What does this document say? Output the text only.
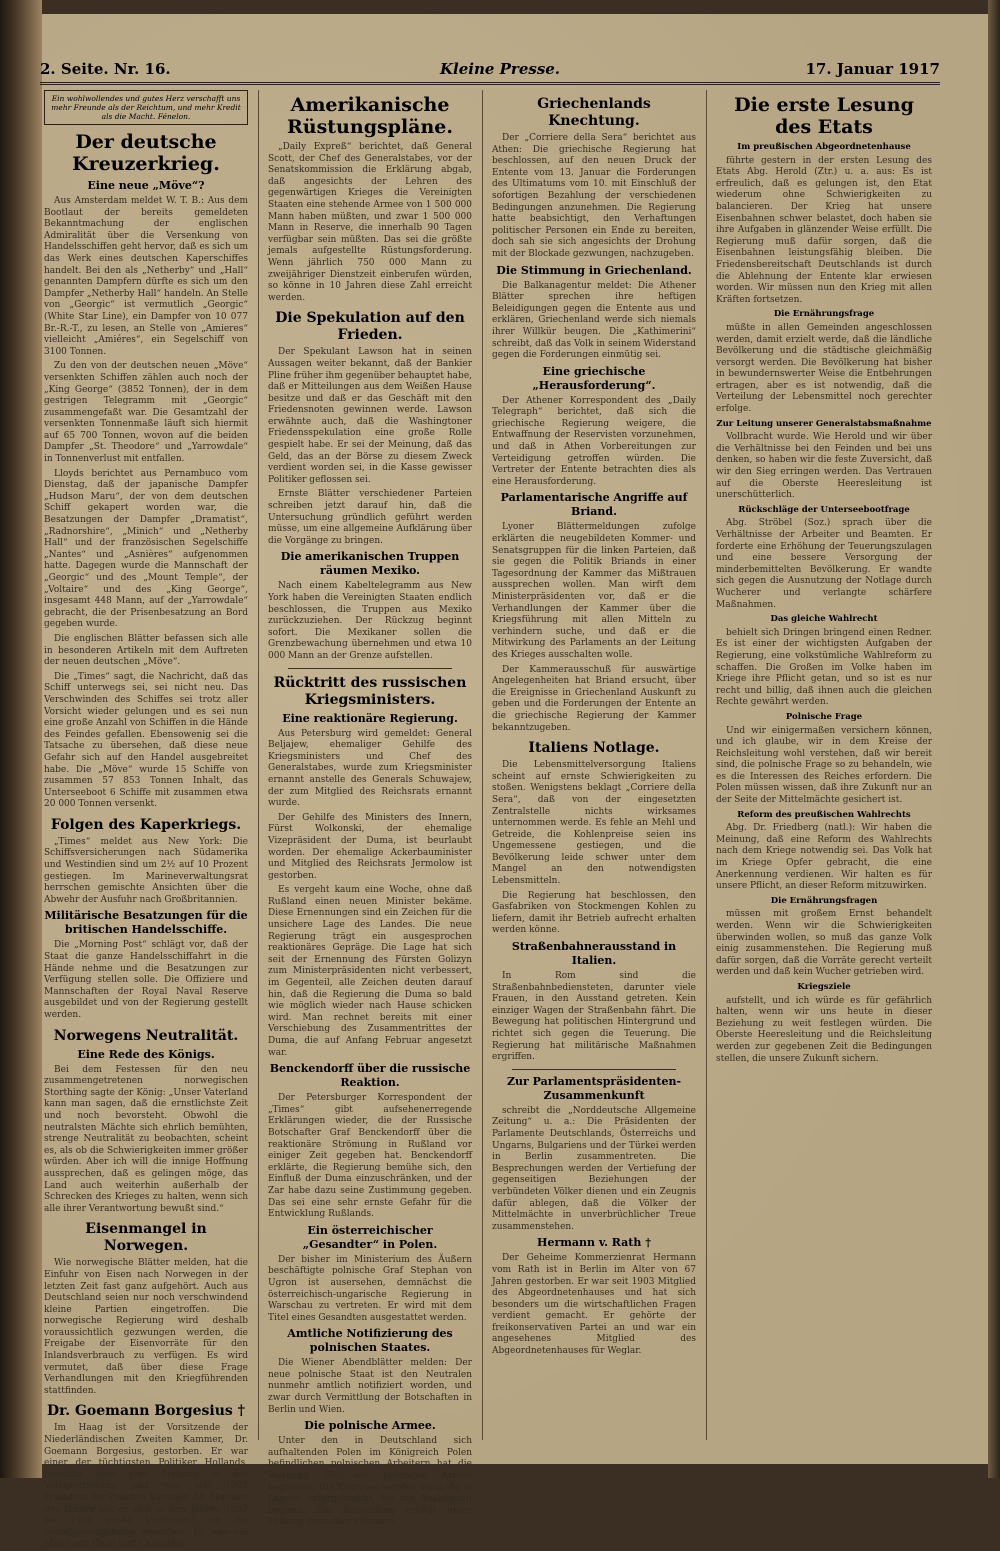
2. Seite. Nr. 16.	Kleine Presse.	17. Januar 1917
Ein wohlwollendes und gutes Herz verschafft uns mehr Freunde als der Reichtum, und mehr Kredit als die Macht. Fénelon.
Der deutsche Kreuzerkrieg.
Eine neue „Möve“?

Aus Amsterdam meldet W. T. B.: Aus dem Bootlaut der bereits gemeldeten Bekanntmachung der englischen Admiralität über die Versenkung von Handelsschiffen geht hervor, daß es sich um das Werk eines deutschen Kaperschiffes handelt. Bei den als „Netherby“ und „Hall“ genannten Dampfern dürfte es sich um den Dampfer „Netherby Hall“ handeln. An Stelle von „Georgic“ ist vermutlich „Georgic“ (White Star Line), ein Dampfer von 10 077 Br.-R.-T., zu lesen, an Stelle von „Amieres“ vielleicht „Amiéres“, ein Segelschiff von 3100 Tonnen.

Zu den von der deutschen neuen „Möve“ versenkten Schiffen zählen auch noch der „King George“ (3852 Tonnen), der in dem gestrigen Telegramm mit „Georgic“ zusammengefaßt war. Die Gesamtzahl der versenkten Tonnenmaße läuft sich hiermit auf 65 700 Tonnen, wovon auf die beiden Dampfer „St. Theodore“ und „Yarrowdale“ in Tonnenverlust mit entfallen.

Lloyds berichtet aus Pernambuco vom Dienstag, daß der japanische Dampfer „Hudson Maru“, der von dem deutschen Schiff gekapert worden war, die Besatzungen der Dampfer „Dramatist“, „Radnorshire“, „Minich“ und „Netherby Hall“ und der französischen Segelschiffe „Nantes“ und „Asnières“ aufgenommen hatte. Dagegen wurde die Mannschaft der „Georgic“ und des „Mount Temple“, der „Voltaire“ und des „King George“, insgesamt 448 Mann, auf der „Yarrowdale“ gebracht, die der Prisenbesatzung an Bord gegeben wurde.

Die englischen Blätter befassen sich alle in besonderen Artikeln mit dem Auftreten der neuen deutschen „Möve“.

Die „Times“ sagt, die Nachricht, daß das Schiff unterwegs sei, sei nicht neu. Das Verschwinden des Schiffes sei trotz aller Vorsicht wieder gelungen und es sei nun eine große Anzahl von Schiffen in die Hände des Feindes gefallen. Ebensowenig sei die Tatsache zu übersehen, daß diese neue Gefahr sich auf den Handel ausgebreitet habe. Die „Möve“ wurde 15 Schiffe von zusammen 57 853 Tonnen Inhalt, das Unterseeboot 6 Schiffe mit zusammen etwa 20 000 Tonnen versenkt.

Folgen des Kaperkriegs.

„Times“ meldet aus New York: Die Schiffsversicherungen nach Südamerika und Westindien sind um 2½ auf 10 Prozent gestiegen. Im Marineverwaltungsrat herrschen gemischte Ansichten über die Abwehr der Ausfuhr nach Großbritannien.

Militärische Besatzungen für die britischen Handelsschiffe.

Die „Morning Post“ schlägt vor, daß der Staat die ganze Handelsschiffahrt in die Hände nehme und die Besatzungen zur Verfügung stellen solle. Die Offiziere und Mannschaften der Royal Naval Reserve ausgebildet und von der Regierung gestellt werden.

Norwegens Neutralität.
Eine Rede des Königs.

Bei dem Festessen für den neu zusammengetretenen norwegischen Storthing sagte der König: „Unser Vaterland kann man sagen, daß die ernstlichste Zeit und noch bevorsteht. Obwohl die neutralsten Mächte sich ehrlich bemühten, strenge Neutralität zu beobachten, scheint es, als ob die Schwierigkeiten immer größer würden. Aber ich will die innige Hoffnung aussprechen, daß es gelingen möge, das Land auch weiterhin außerhalb der Schrecken des Krieges zu halten, wenn sich alle ihrer Verantwortung bewußt sind.“

Eisenmangel in Norwegen.

Wie norwegische Blätter melden, hat die Einfuhr von Eisen nach Norwegen in der letzten Zeit fast ganz aufgehört. Auch aus Deutschland seien nur noch verschwindend kleine Partien eingetroffen. Die norwegische Regierung wird deshalb voraussichtlich gezwungen werden, die Freigabe der Eisenvorräte für den Inlandsverbrauch zu verfügen. Es wird vermutet, daß über diese Frage Verhandlungen mit den Kriegführenden stattfinden.

Dr. Goemann Borgesius †

Im Haag ist der Vorsitzende der Niederländischen Zweiten Kammer, Dr. Goemann Borgesius, gestorben. Er war einer der tüchtigsten Politiker Hollands, besetzte stets eine Stellung in der Volksvertretung und war seit 1901 Präsident der Zweiten Kammer. Als Minister des Innern hat er sich in den Jahren 1897 bis 1901 große Verdienste um die Sozialgesetzgebung erworben. Er war ein Mann von Geist und Charakter.

Amerikanische Rüstungspläne.

„Daily Expreß“ berichtet, daß General Scott, der Chef des Generalstabes, vor der Senatskommission die Erklärung abgab, daß angesichts der Lehren des gegenwärtigen Krieges die Vereinigten Staaten eine stehende Armee von 1 500 000 Mann haben müßten, und zwar 1 500 000 Mann in Reserve, die innerhalb 90 Tagen verfügbar sein müßten. Das sei die größte jemals aufgestellte Rüstungsforderung. Wenn jährlich 750 000 Mann zu zweijähriger Dienstzeit einberufen würden, so könne in 10 Jahren diese Zahl erreicht werden.

Die Spekulation auf den Frieden.

Der Spekulant Lawson hat in seinen Aussagen weiter bekannt, daß der Bankier Pline früher ihm gegenüber behauptet habe, daß er Mitteilungen aus dem Weißen Hause besitze und daß er das Geschäft mit den Friedensnoten gewinnen werde. Lawson erwähnte auch, daß die Washingtoner Friedensspekulation eine große Rolle gespielt habe. Er sei der Meinung, daß das Geld, das an der Börse zu diesem Zweck verdient worden sei, in die Kasse gewisser Politiker geflossen sei.

Ernste Blätter verschiedener Parteien schreiben jetzt darauf hin, daß die Untersuchung gründlich geführt werden müsse, um eine allgemeine Aufklärung über die Vorgänge zu bringen.

Die amerikanischen Truppen räumen Mexiko.

Nach einem Kabeltelegramm aus New York haben die Vereinigten Staaten endlich beschlossen, die Truppen aus Mexiko zurückzuziehen. Der Rückzug beginnt sofort. Die Mexikaner sollen die Grenzbewachung übernehmen und etwa 10 000 Mann an der Grenze aufstellen.

Rücktritt des russischen Kriegsministers.
Eine reaktionäre Regierung.

Aus Petersburg wird gemeldet: General Beljajew, ehemaliger Gehilfe des Kriegsministers und Chef des Generalstabes, wurde zum Kriegsminister ernannt anstelle des Generals Schuwajew, der zum Mitglied des Reichsrats ernannt wurde.

Der Gehilfe des Ministers des Innern, Fürst Wolkonski, der ehemalige Vizepräsident der Duma, ist beurlaubt worden. Der ehemalige Ackerbauminister und Mitglied des Reichsrats Jermolow ist gestorben.

Es vergeht kaum eine Woche, ohne daß Rußland einen neuen Minister bekäme. Diese Ernennungen sind ein Zeichen für die unsichere Lage des Landes. Die neue Regierung trägt ein ausgesprochen reaktionäres Gepräge. Die Lage hat sich seit der Ernennung des Fürsten Golizyn zum Ministerpräsidenten nicht verbessert, im Gegenteil, alle Zeichen deuten darauf hin, daß die Regierung die Duma so bald wie möglich wieder nach Hause schicken wird. Man rechnet bereits mit einer Verschiebung des Zusammentrittes der Duma, die auf Anfang Februar angesetzt war.

Benckendorff über die russische Reaktion.

Der Petersburger Korrespondent der „Times“ gibt aufsehenerregende Erklärungen wieder, die der Russische Botschafter Graf Benckendorff über die reaktionäre Strömung in Rußland vor einiger Zeit gegeben hat. Benckendorff erklärte, die Regierung bemühe sich, den Einfluß der Duma einzuschränken, und der Zar habe dazu seine Zustimmung gegeben. Das sei eine sehr ernste Gefahr für die Entwicklung Rußlands.

Ein österreichischer „Gesandter“ in Polen.

Der bisher im Ministerium des Äußern beschäftigte polnische Graf Stephan von Ugron ist ausersehen, demnächst die österreichisch-ungarische Regierung in Warschau zu vertreten. Er wird mit dem Titel eines Gesandten ausgestattet werden.

Amtliche Notifizierung des polnischen Staates.

Die Wiener Abendblätter melden: Der neue polnische Staat ist den Neutralen nunmehr amtlich notifiziert worden, und zwar durch Vermittlung der Botschaften in Berlin und Wien.

Die polnische Armee.

Unter den in Deutschland sich aufhaltenden Polen im Königreich Polen befindlichen polnischen Arbeitern hat die Werbung für die polnische Armee begonnen. Die Rekruten werden vorläufig in Lagern untergebracht, bis die Ausbildung beginnt. Die Aufstellung erfolgt unter Leitung deutscher Offiziere.

Griechenlands Knechtung.

Der „Corriere della Sera“ berichtet aus Athen: Die griechische Regierung hat beschlossen, auf den neuen Druck der Entente vom 13. Januar die Forderungen des Ultimatums vom 10. mit Einschluß der sofortigen Bezahlung der verschiedenen Bedingungen anzunehmen. Die Regierung hatte beabsichtigt, den Verhaftungen politischer Personen ein Ende zu bereiten, doch sah sie sich angesichts der Drohung mit der Blockade gezwungen, nachzugeben.

Die Stimmung in Griechenland.

Die Balkanagentur meldet: Die Athener Blätter sprechen ihre heftigen Beleidigungen gegen die Entente aus und erklären, Griechenland werde sich niemals ihrer Willkür beugen. Die „Kathimerini“ schreibt, daß das Volk in seinem Widerstand gegen die Forderungen einmütig sei.

Eine griechische „Herausforderung“.

Der Athener Korrespondent des „Daily Telegraph“ berichtet, daß sich die griechische Regierung weigere, die Entwaffnung der Reservisten vorzunehmen, und daß in Athen Vorbereitungen zur Verteidigung getroffen würden. Die Vertreter der Entente betrachten dies als eine Herausforderung.

Parlamentarische Angriffe auf Briand.

Lyoner Blättermeldungen zufolge erklärten die neugebildeten Kommer- und Senatsgruppen für die linken Parteien, daß sie gegen die Politik Briands in einer Tagesordnung der Kammer das Mißtrauen aussprechen wollen. Man wirft dem Ministerpräsidenten vor, daß er die Verhandlungen der Kammer über die Kriegsführung mit allen Mitteln zu verhindern suche, und daß er die Mitwirkung des Parlaments an der Leitung des Krieges ausschalten wolle.

Der Kammerausschuß für auswärtige Angelegenheiten hat Briand ersucht, über die Ereignisse in Griechenland Auskunft zu geben und die Forderungen der Entente an die griechische Regierung der Kammer bekanntzugeben.

Italiens Notlage.

Die Lebensmittelversorgung Italiens scheint auf ernste Schwierigkeiten zu stoßen. Wenigstens beklagt „Corriere della Sera“, daß von der eingesetzten Zentralstelle nichts wirksames unternommen werde. Es fehle an Mehl und Getreide, die Kohlenpreise seien ins Ungemessene gestiegen, und die Bevölkerung leide schwer unter dem Mangel an den notwendigsten Lebensmitteln.

Die Regierung hat beschlossen, den Gasfabriken von Stockmengen Kohlen zu liefern, damit ihr Betrieb aufrecht erhalten werden könne.

Straßenbahnerausstand in Italien.

In Rom sind die Straßenbahnbediensteten, darunter viele Frauen, in den Ausstand getreten. Kein einziger Wagen der Straßenbahn fährt. Die Bewegung hat politischen Hintergrund und richtet sich gegen die Teuerung. Die Regierung hat militärische Maßnahmen ergriffen.

Zur Parlamentspräsidenten-Zusammenkunft

schreibt die „Norddeutsche Allgemeine Zeitung“ u. a.: Die Präsidenten der Parlamente Deutschlands, Österreichs und Ungarns, Bulgariens und der Türkei werden in Berlin zusammentreten. Die Besprechungen werden der Vertiefung der gegenseitigen Beziehungen der verbündeten Völker dienen und ein Zeugnis dafür ablegen, daß die Völker der Mittelmächte in unverbrüchlicher Treue zusammenstehen.

Hermann v. Rath †

Der Geheime Kommerzienrat Hermann vom Rath ist in Berlin im Alter von 67 Jahren gestorben. Er war seit 1903 Mitglied des Abgeordnetenhauses und hat sich besonders um die wirtschaftlichen Fragen verdient gemacht. Er gehörte der freikonservativen Partei an und war ein angesehenes Mitglied des Abgeordnetenhauses für Weglar.

Die erste Lesung des Etats
Im preußischen Abgeordnetenhause

führte gestern in der ersten Lesung des Etats Abg. Herold (Ztr.) u. a. aus: Es ist erfreulich, daß es gelungen ist, den Etat wiederum ohne Schwierigkeiten zu balancieren. Der Krieg hat unsere Eisenbahnen schwer belastet, doch haben sie ihre Aufgaben in glänzender Weise erfüllt. Die Regierung muß dafür sorgen, daß die Eisenbahnen leistungsfähig bleiben. Die Friedensbereitschaft Deutschlands ist durch die Ablehnung der Entente klar erwiesen worden. Wir müssen nun den Krieg mit allen Kräften fortsetzen.

Die Ernährungsfrage

müßte in allen Gemeinden angeschlossen werden, damit erzielt werde, daß die ländliche Bevölkerung und die städtische gleichmäßig versorgt werden. Die Bevölkerung hat bisher in bewundernswerter Weise die Entbehrungen ertragen, aber es ist notwendig, daß die Verteilung der Lebensmittel noch gerechter erfolge.

Zur Leitung unserer Generalstabsmaßnahme

Vollbracht wurde. Wie Herold und wir über die Verhältnisse bei den Feinden und bei uns denken, so haben wir die feste Zuversicht, daß wir den Sieg erringen werden. Das Vertrauen auf die Oberste Heeresleitung ist unerschütterlich.

Rückschläge der Unterseebootfrage

Abg. Ströbel (Soz.) sprach über die Verhältnisse der Arbeiter und Beamten. Er forderte eine Erhöhung der Teuerungszulagen und eine bessere Versorgung der minderbemittelten Bevölkerung. Er wandte sich gegen die Ausnutzung der Notlage durch Wucherer und verlangte schärfere Maßnahmen.

Das gleiche Wahlrecht

behielt sich Dringen bringend einen Redner. Es ist einer der wichtigsten Aufgaben der Regierung, eine volkstümliche Wahlreform zu schaffen. Die Großen im Volke haben im Kriege ihre Pflicht getan, und so ist es nur recht und billig, daß ihnen auch die gleichen Rechte gewährt werden.

Polnische Frage

Und wir einigermaßen versichern können, und ich glaube, wir in dem Kreise der Reichsleitung wohl verstehen, daß wir bereit sind, die polnische Frage so zu behandeln, wie es die Interessen des Reiches erfordern. Die Polen müssen wissen, daß ihre Zukunft nur an der Seite der Mittelmächte gesichert ist.

Reform des preußischen Wahlrechts

Abg. Dr. Friedberg (natl.): Wir haben die Meinung, daß eine Reform des Wahlrechts nach dem Kriege notwendig sei. Das Volk hat im Kriege Opfer gebracht, die eine Anerkennung verdienen. Wir halten es für unsere Pflicht, an dieser Reform mitzuwirken.

Die Ernährungsfragen

müssen mit großem Ernst behandelt werden. Wenn wir die Schwierigkeiten überwinden wollen, so muß das ganze Volk einig zusammenstehen. Die Regierung muß dafür sorgen, daß die Vorräte gerecht verteilt werden und daß kein Wucher getrieben wird.

Kriegsziele

aufstellt, und ich würde es für gefährlich halten, wenn wir uns heute in dieser Beziehung zu weit festlegen würden. Die Oberste Heeresleitung und die Reichsleitung werden zur gegebenen Zeit die Bedingungen stellen, die unsere Zukunft sichern.
